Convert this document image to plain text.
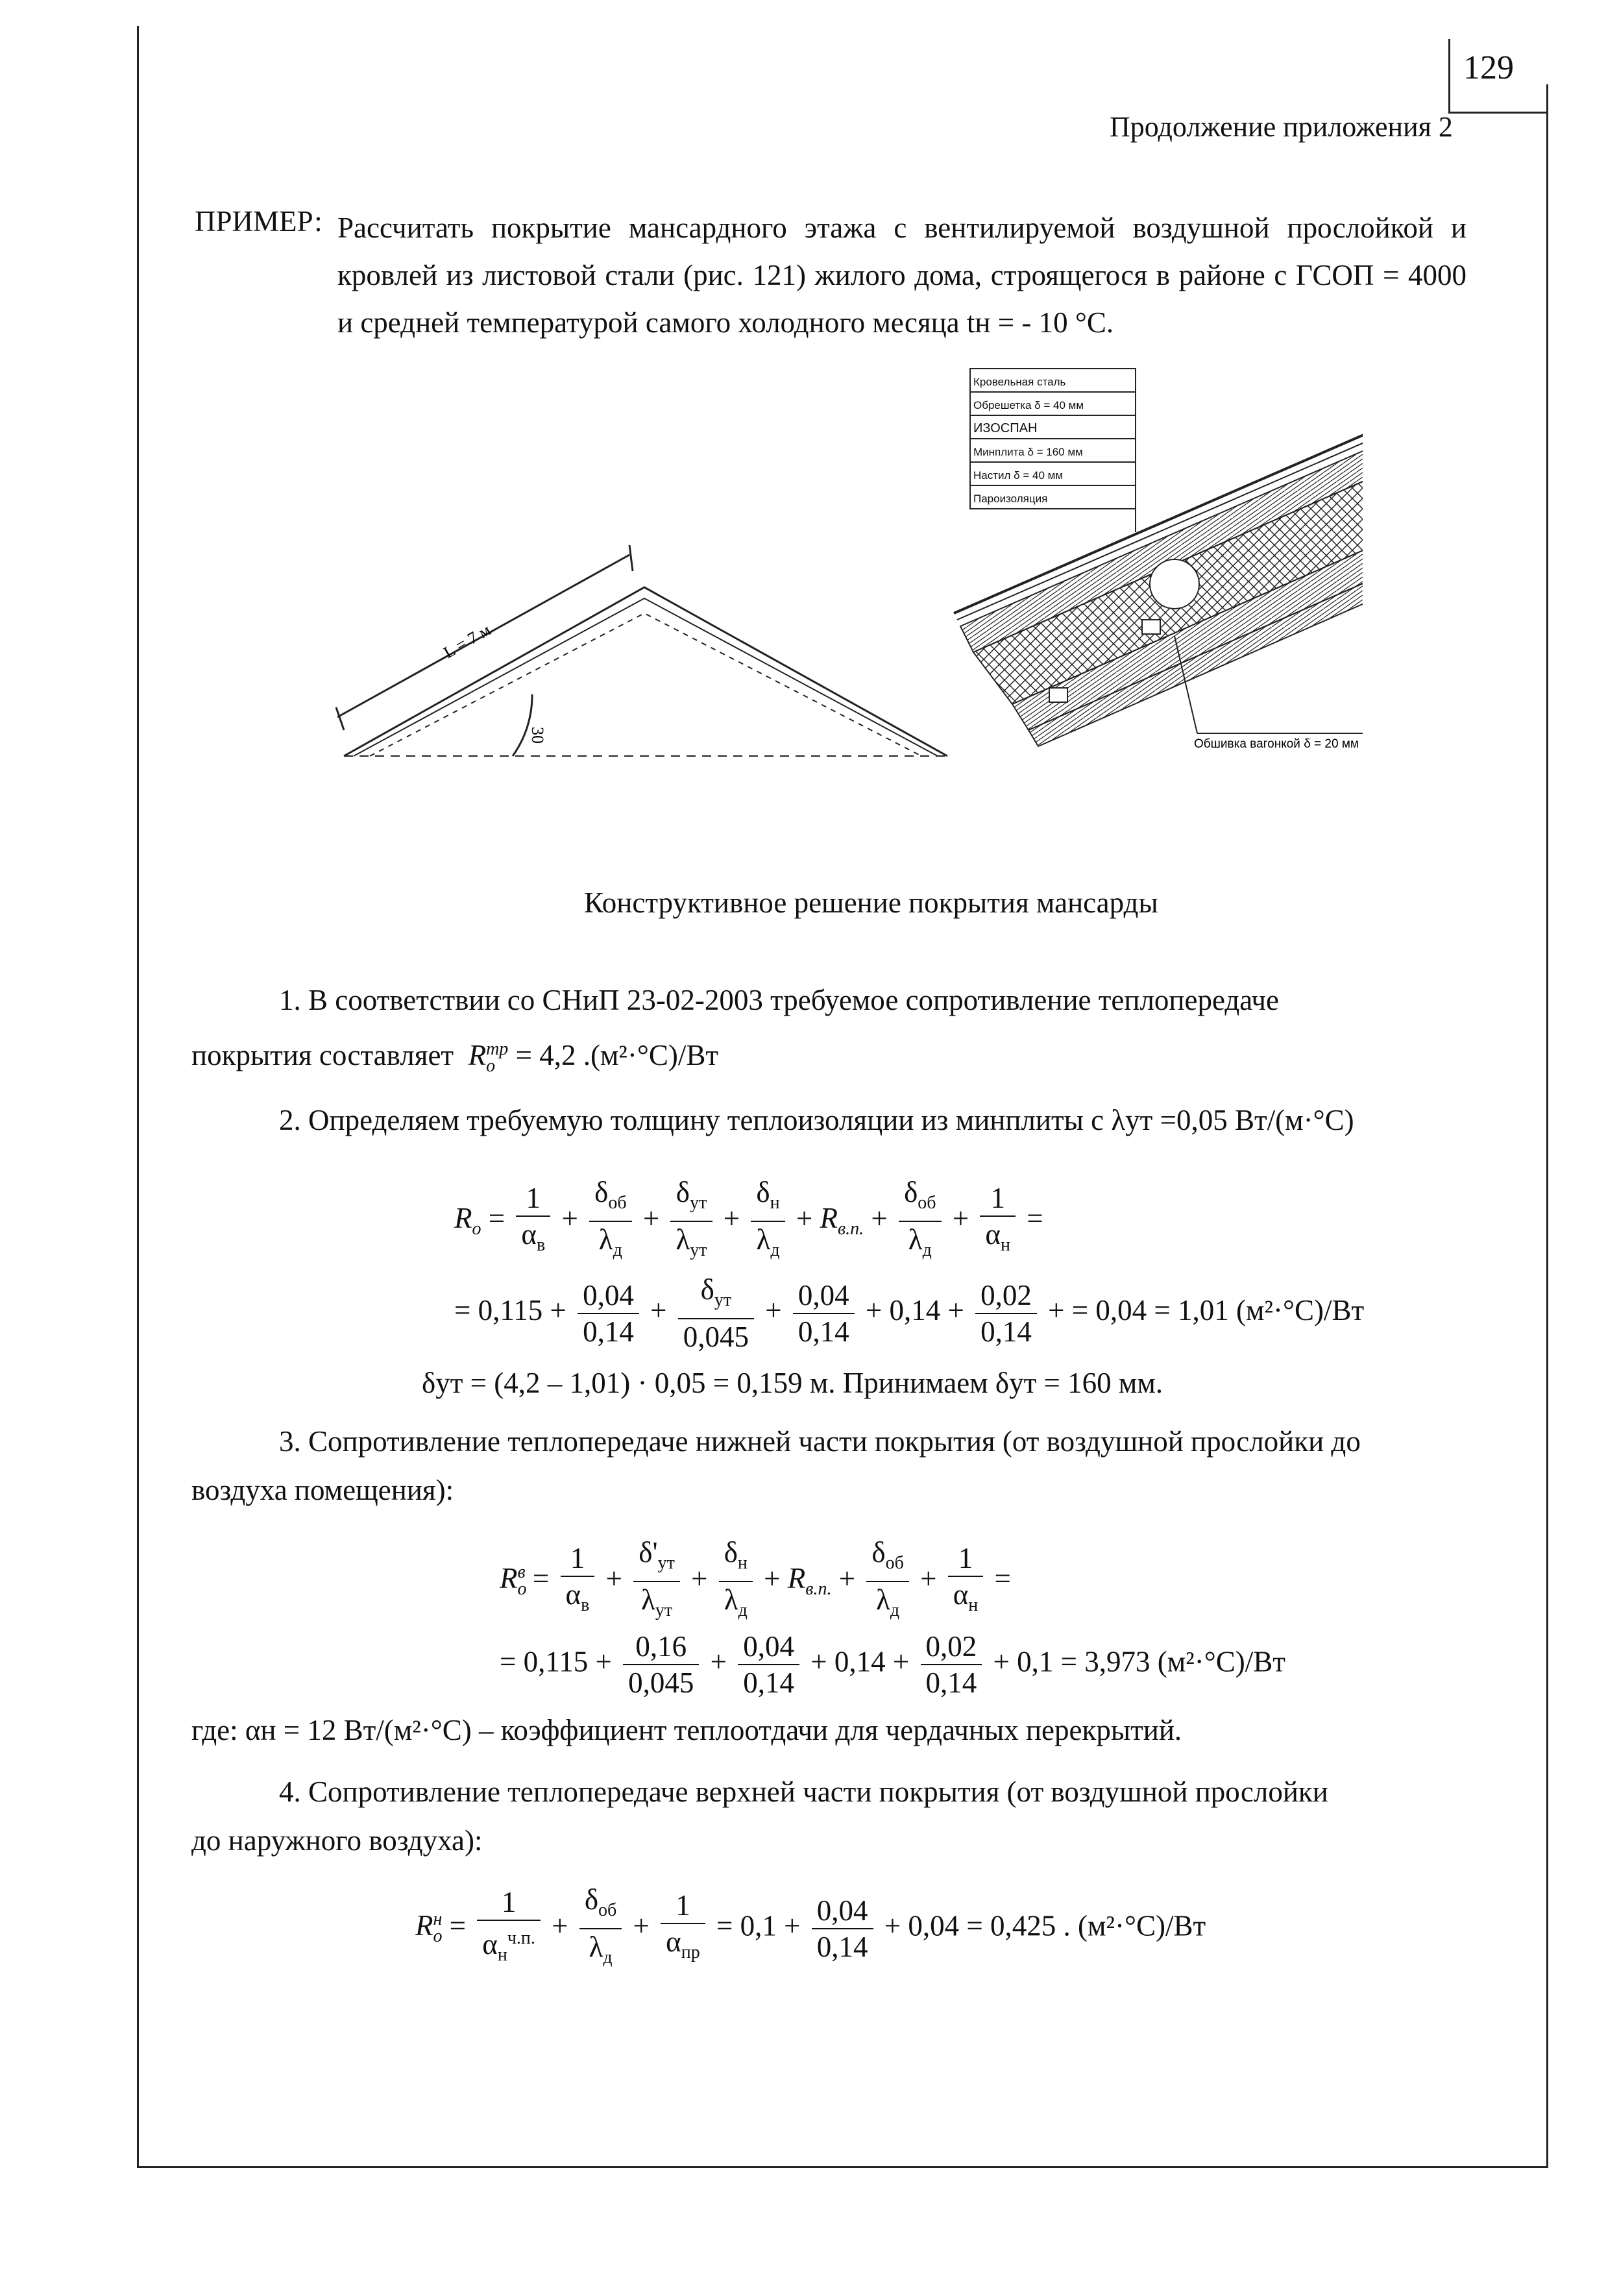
129
Продолжение приложения 2
ПРИМЕР: Рассчитать покрытие мансардного этажа с вентилируемой воздушной прослойкой и кровлей из листовой стали (рис. 121) жилого дома, строящегося в районе с ГСОП = 4000 и средней температурой самого холодного месяца tн = - 10 °С.
L = 7 м
30
Кровельная сталь
Обрешетка δ = 40 мм
ИЗОСПАН
Минплита δ = 160 мм
Настил δ = 40 мм
Пароизоляция
Обшивка вагонкой δ = 20 мм
Конструктивное решение покрытия мансарды
1. В соответствии со СНиП 23-02-2003 требуемое сопротивление теплопередаче
покрытия составляет  $R_o^{тр} = 4,2$ .(м²·°С)/Вт
2. Определяем требуемую толщину теплоизоляции из минплиты с λут =0,05 Вт/(м·°С)
$R_o = \frac{1}{\alpha_в} + \frac{\delta_{об}}{\lambda_д} + \frac{\delta_{ут}}{\lambda_{ут}} + \frac{\delta_н}{\lambda_д} + R_{в.п.} + \frac{\delta_{об}}{\lambda_д} + \frac{1}{\alpha_н}$ =
= $0,115 + \frac{0,04}{0,14} + \frac{\delta_{ут}}{0,045} + \frac{0,04}{0,14} + 0,14 + \frac{0,02}{0,14}$ + = 0,04 = 1,01 (м²·°С)/Вт
δут = (4,2 – 1,01) · 0,05 = 0,159 м. Принимаем δут = 160 мм.
3. Сопротивление теплопередаче нижней части покрытия (от воздушной прослойки до
воздуха помещения):
$R_o^в = \frac{1}{\alpha_в} + \frac{\delta'_{ут}}{\lambda_{ут}} + \frac{\delta_н}{\lambda_д} + R_{в.п.} + \frac{\delta_{об}}{\lambda_д} + \frac{1}{\alpha_н}$ =
= $0,115 + \frac{0,16}{0,045} + \frac{0,04}{0,14} + 0,14 + \frac{0,02}{0,14} + 0,1 = 3,973$ (м²·°С)/Вт
где: αн = 12 Вт/(м²·°С) – коэффициент теплоотдачи для чердачных перекрытий.
4. Сопротивление теплопередаче верхней части покрытия (от воздушной прослойки
до наружного воздуха):
$R_o^н = \frac{1}{\alpha_н^{ч.п.}} + \frac{\delta_{об}}{\lambda_д} + \frac{1}{\alpha_{пр}} = 0,1 + \frac{0,04}{0,14} + 0,04 = 0,425$ . (м²·°С)/Вт
